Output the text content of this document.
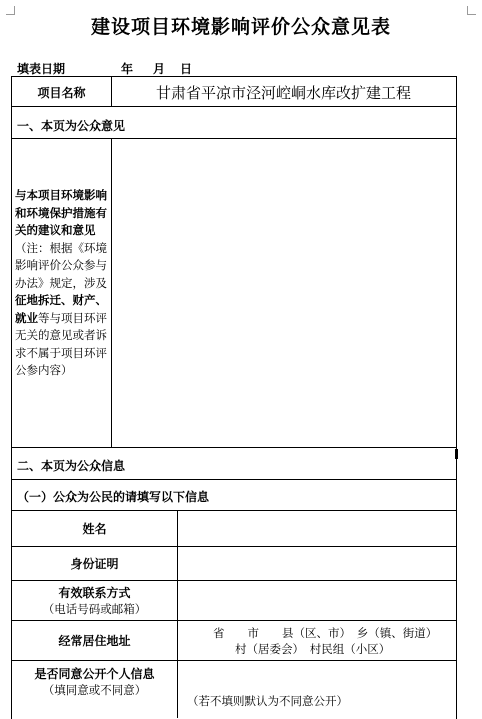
建设项目环境影响评价公众意见表
填表日期	年 月 日
项目名称	甘肃省平凉市泾河崆峒水库改扩建工程
一、本页为公众意见
与本项目环境影响和环境保护措施有关的建议和意见（注：根据《环境影响评价公众参与办法》规定，涉及征地拆迁、财产、就业等与项目环评无关的意见或者诉求不属于项目环评公参内容）
二、本页为公众信息
（一）公众为公民的请填写以下信息
姓名
身份证明
有效联系方式
（电话号码或邮箱）
经常居住地址
省　　市　　县（区、市）　乡（镇、街道）
村（居委会）　村民组（小区）
是否同意公开个人信息
（填同意或不同意）
（若不填则默认为不同意公开）
